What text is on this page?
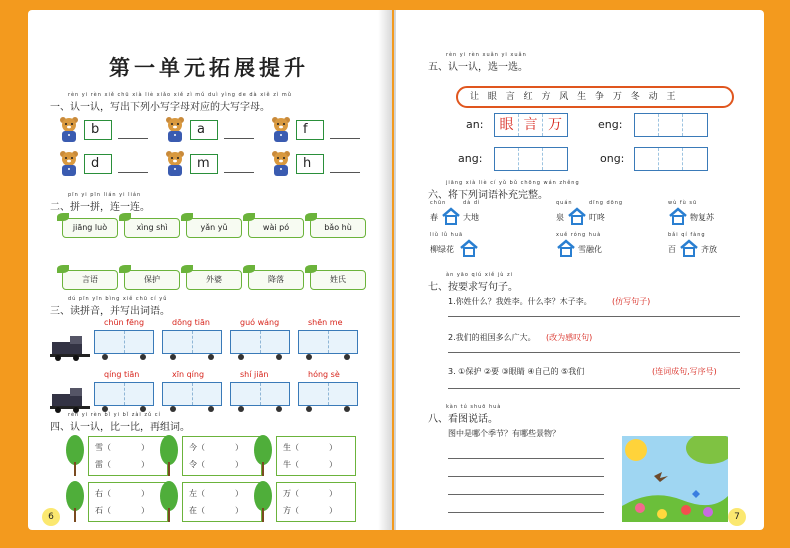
第一单元拓展提升
rèn yi rèn xiě chū xià liè xiǎo xiě zì mǔ duì yìng de dà xiě zì mǔ
一、认一认，写出下列小写字母对应的大写字母。
b	a	f
d	m	h
pīn yi pīn lián yi lián
二、拼一拼，连一连。
jiāng luò	xìng shì	yǎn yǔ	wài pó	bǎo hù
言语	保护	外婆	降落	姓氏
dú pīn yīn bìng xiě chū cí yǔ
三、读拼音，并写出词语。
chūn fēng	dōng tiān	guó wáng	shēn me
qíng tiān	xīn qíng	shí jiān	hóng sè
rèn yi rèn bǐ yi bǐ zài zǔ cí
四、认一认，比一比，再组词。
雪（	）
雷（	）
今（	）
令（	）
生（	）
牛（	）
右（	）
石（	）
左（	）
在（	）
万（	）
方（	）
6
rèn yi rèn xuǎn yi xuǎn
五、认一认，选一选。
让 眼 言 红 方 风 生 争 万 冬 动 王
an:	眼 言 万	eng:
ang:	ong:
jiāng xià liè cí yǔ bǔ chōng wán zhěng
六、将下列词语补充完整。
chūn
春
dà dì
大地
quán
泉
dīng dōng
叮咚
wù fù sū
物复苏
liǔ lǜ huā
柳绿花
xuě róng huà
雪融化
bǎi qí fàng
百	齐放
àn yāo qiú xiě jù zi
七、按要求写句子。
1.你姓什么？我姓李。什么李？木子李。	(仿写句子)
2.我们的祖国多么广大。 (改为感叹句)
3. ①保护 ②要 ③眼睛 ④自己的 ⑤我们	(连词成句,写序号)
kàn tú shuō huà
八、看图说话。
图中是哪个季节？有哪些景物？
7
